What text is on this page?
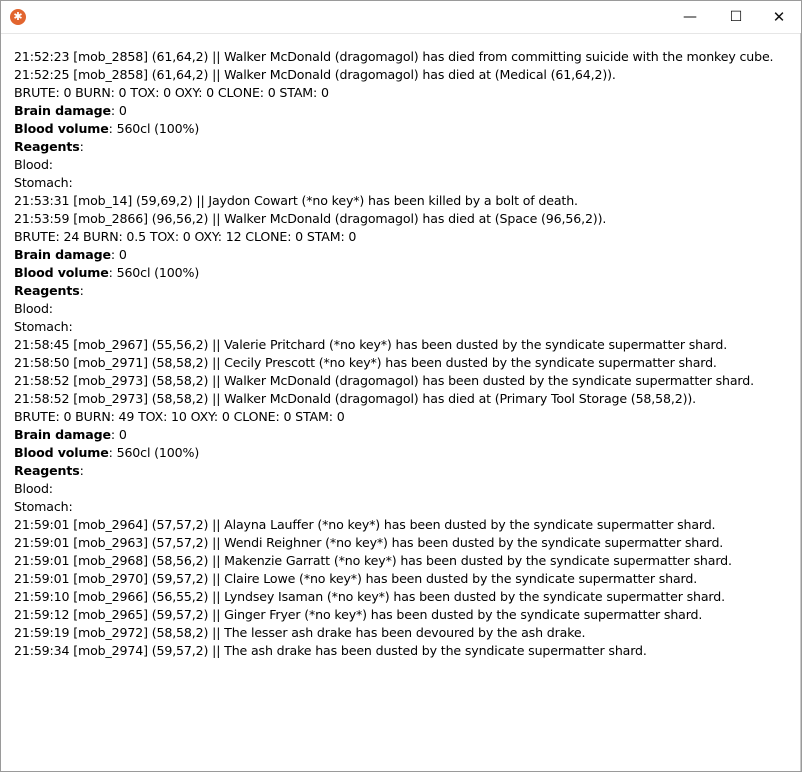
✱	—	☐	✕
21:52:23 [mob_2858] (61,64,2) || Walker McDonald (dragomagol) has died from committing suicide with the monkey cube.
21:52:25 [mob_2858] (61,64,2) || Walker McDonald (dragomagol) has died at (Medical (61,64,2)).
BRUTE: 0 BURN: 0 TOX: 0 OXY: 0 CLONE: 0 STAM: 0
Brain damage: 0
Blood volume: 560cl (100%)
Reagents:
Blood:
Stomach:
21:53:31 [mob_14] (59,69,2) || Jaydon Cowart (*no key*) has been killed by a bolt of death.
21:53:59 [mob_2866] (96,56,2) || Walker McDonald (dragomagol) has died at (Space (96,56,2)).
BRUTE: 24 BURN: 0.5 TOX: 0 OXY: 12 CLONE: 0 STAM: 0
Brain damage: 0
Blood volume: 560cl (100%)
Reagents:
Blood:
Stomach:
21:58:45 [mob_2967] (55,56,2) || Valerie Pritchard (*no key*) has been dusted by the syndicate supermatter shard.
21:58:50 [mob_2971] (58,58,2) || Cecily Prescott (*no key*) has been dusted by the syndicate supermatter shard.
21:58:52 [mob_2973] (58,58,2) || Walker McDonald (dragomagol) has been dusted by the syndicate supermatter shard.
21:58:52 [mob_2973] (58,58,2) || Walker McDonald (dragomagol) has died at (Primary Tool Storage (58,58,2)).
BRUTE: 0 BURN: 49 TOX: 10 OXY: 0 CLONE: 0 STAM: 0
Brain damage: 0
Blood volume: 560cl (100%)
Reagents:
Blood:
Stomach:
21:59:01 [mob_2964] (57,57,2) || Alayna Lauffer (*no key*) has been dusted by the syndicate supermatter shard.
21:59:01 [mob_2963] (57,57,2) || Wendi Reighner (*no key*) has been dusted by the syndicate supermatter shard.
21:59:01 [mob_2968] (58,56,2) || Makenzie Garratt (*no key*) has been dusted by the syndicate supermatter shard.
21:59:01 [mob_2970] (59,57,2) || Claire Lowe (*no key*) has been dusted by the syndicate supermatter shard.
21:59:10 [mob_2966] (56,55,2) || Lyndsey Isaman (*no key*) has been dusted by the syndicate supermatter shard.
21:59:12 [mob_2965] (59,57,2) || Ginger Fryer (*no key*) has been dusted by the syndicate supermatter shard.
21:59:19 [mob_2972] (58,58,2) || The lesser ash drake has been devoured by the ash drake.
21:59:34 [mob_2974] (59,57,2) || The ash drake has been dusted by the syndicate supermatter shard.
